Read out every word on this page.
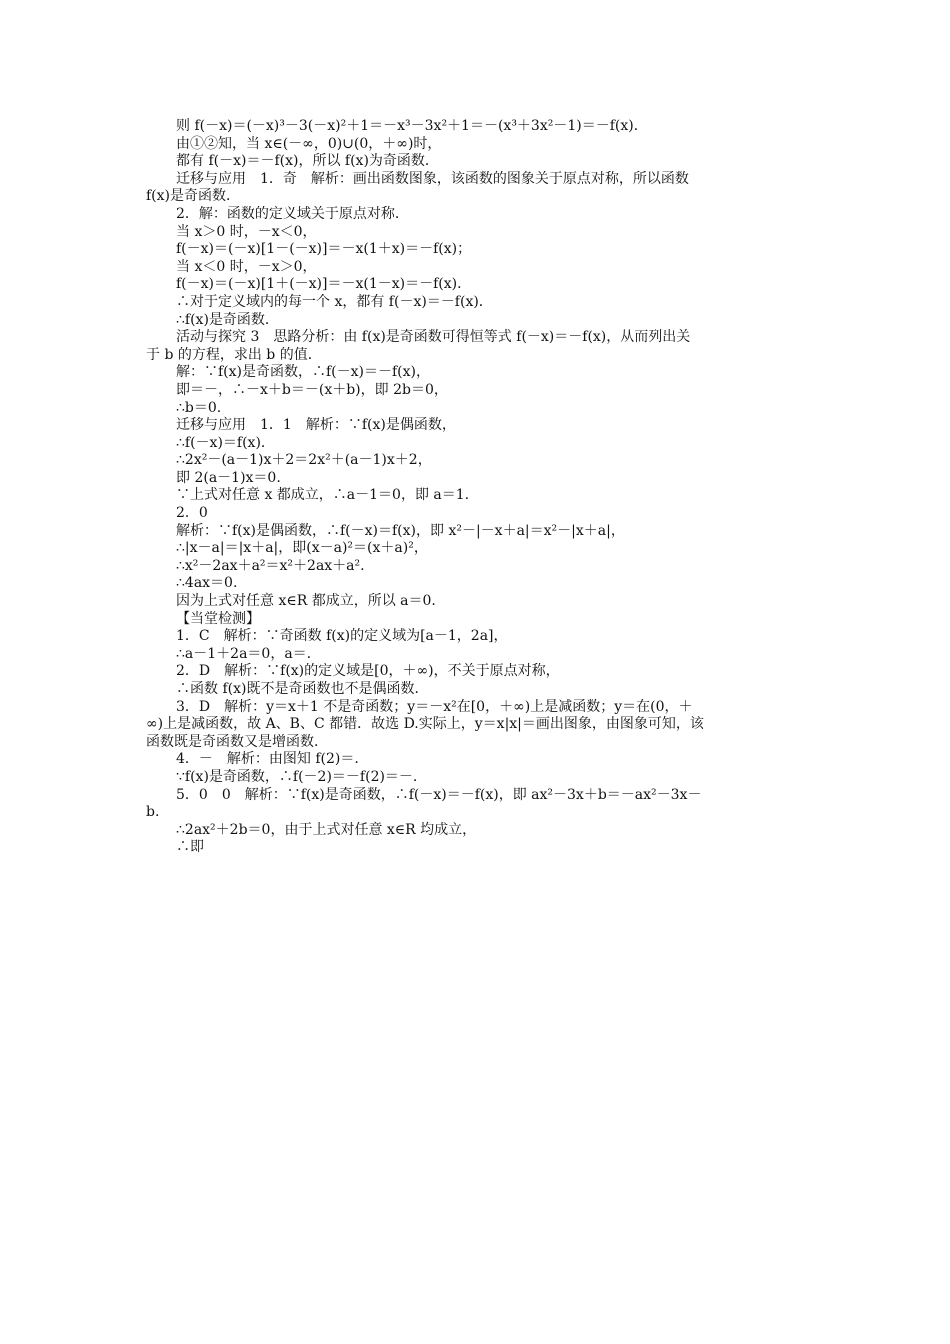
则 f(－x)＝(－x)³－3(－x)²＋1＝－x³－3x²＋1＝－(x³＋3x²－1)＝－f(x)．
由①②知，当 x∈(－∞，0)∪(0，＋∞)时，
都有 f(－x)＝－f(x)，所以 f(x)为奇函数．
迁移与应用　1．奇　解析：画出函数图象，该函数的图象关于原点对称，所以函数
f(x)是奇函数．
2．解：函数的定义域关于原点对称．
当 x＞0 时，－x＜0，
f(－x)＝(－x)[1－(－x)]＝－x(1＋x)＝－f(x)；
当 x＜0 时，－x＞0，
f(－x)＝(－x)[1＋(－x)]＝－x(1－x)＝－f(x)．
∴对于定义域内的每一个 x，都有 f(－x)＝－f(x)．
∴f(x)是奇函数．
活动与探究 3　思路分析：由 f(x)是奇函数可得恒等式 f(－x)＝－f(x)，从而列出关
于 b 的方程，求出 b 的值．
解：∵f(x)是奇函数，∴f(－x)＝－f(x)，
即＝－，∴－x＋b＝－(x＋b)，即 2b＝0，
∴b＝0.
迁移与应用　1．1　解析：∵f(x)是偶函数，
∴f(－x)＝f(x)．
∴2x²－(a－1)x＋2＝2x²＋(a－1)x＋2，
即 2(a－1)x＝0.
∵上式对任意 x 都成立，∴a－1＝0，即 a＝1.
2．0
解析：∵f(x)是偶函数，∴f(－x)＝f(x)，即 x²－|－x＋a|＝x²－|x＋a|，
∴|x－a|＝|x＋a|，即(x－a)²＝(x＋a)²，
∴x²－2ax＋a²＝x²＋2ax＋a².
∴4ax＝0.
因为上式对任意 x∈R 都成立，所以 a＝0.
【当堂检测】
1．C　解析：∵奇函数 f(x)的定义域为[a－1，2a]，
∴a－1＋2a＝0，a＝.
2．D　解析：∵f(x)的定义域是[0，＋∞)，不关于原点对称，
∴函数 f(x)既不是奇函数也不是偶函数．
3．D　解析：y＝x＋1 不是奇函数；y＝－x²在[0，＋∞)上是减函数；y＝在(0，＋
∞)上是减函数，故 A、B、C 都错．故选 D.实际上，y＝x|x|＝画出图象，由图象可知，该
函数既是奇函数又是增函数．
4．－　解析：由图知 f(2)＝.
∵f(x)是奇函数，∴f(－2)＝－f(2)＝－.
5．0　0　解析：∵f(x)是奇函数，∴f(－x)＝－f(x)，即 ax²－3x＋b＝－ax²－3x－
b.
∴2ax²＋2b＝0，由于上式对任意 x∈R 均成立，
∴即
